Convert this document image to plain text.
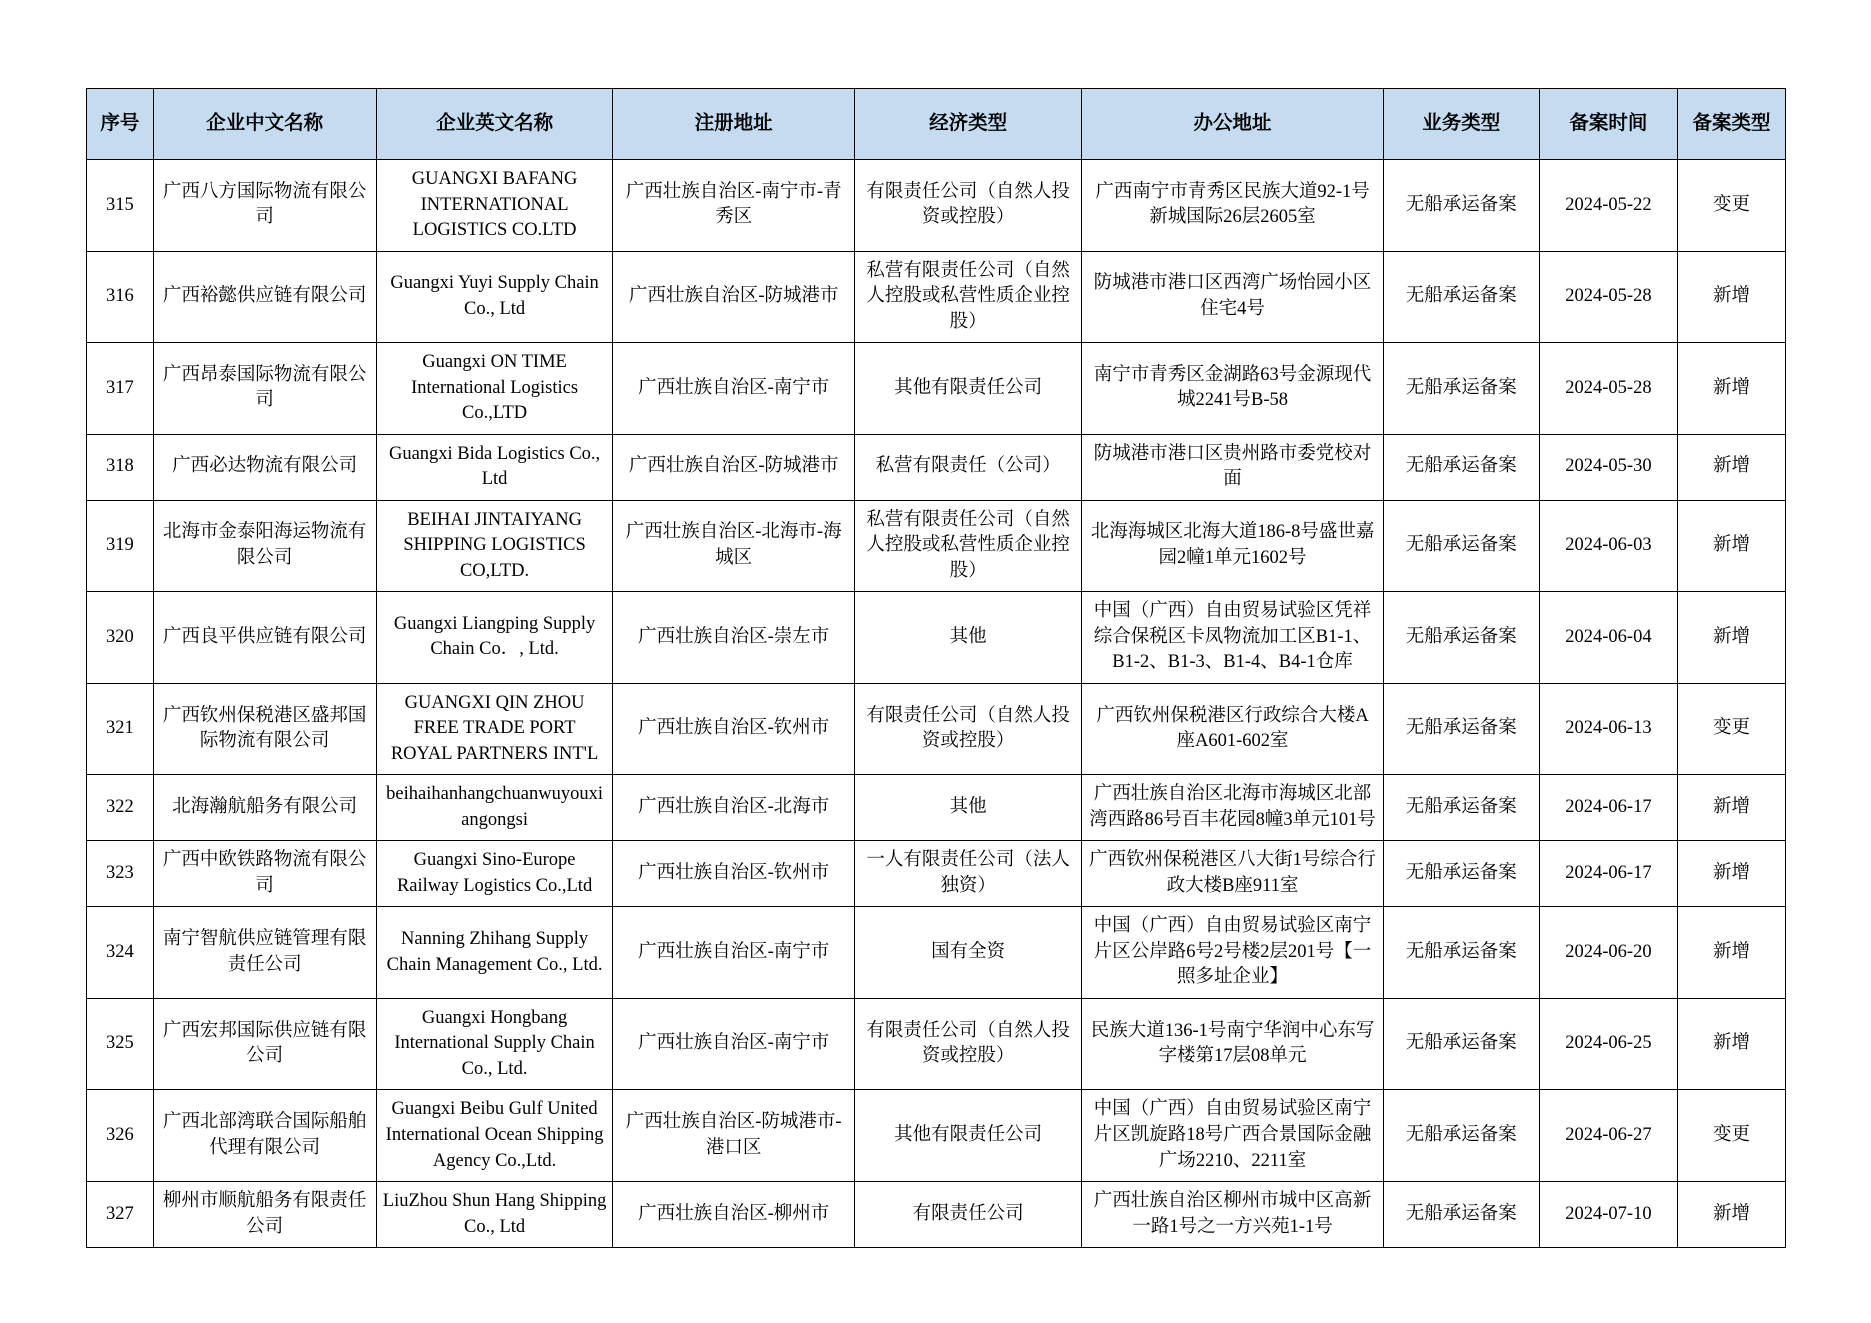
序号	企业中文名称	企业英文名称	注册地址	经济类型	办公地址	业务类型	备案时间	备案类型
315	广西八方国际物流有限公司	GUANGXI BAFANG INTERNATIONAL LOGISTICS CO.LTD	广西壮族自治区-南宁市-青秀区	有限责任公司（自然人投资或控股）	广西南宁市青秀区民族大道92-1号新城国际26层2605室	无船承运备案	2024-05-22	变更
316	广西裕懿供应链有限公司	Guangxi Yuyi Supply Chain Co., Ltd	广西壮族自治区-防城港市	私营有限责任公司（自然人控股或私营性质企业控股）	防城港市港口区西湾广场怡园小区住宅4号	无船承运备案	2024-05-28	新增
317	广西昂泰国际物流有限公司	Guangxi ON TIME International Logistics Co.,LTD	广西壮族自治区-南宁市	其他有限责任公司	南宁市青秀区金湖路63号金源现代城2241号B-58	无船承运备案	2024-05-28	新增
318	广西必达物流有限公司	Guangxi Bida Logistics Co., Ltd	广西壮族自治区-防城港市	私营有限责任（公司）	防城港市港口区贵州路市委党校对面	无船承运备案	2024-05-30	新增
319	北海市金泰阳海运物流有限公司	BEIHAI JINTAIYANG SHIPPING LOGISTICS CO,LTD.	广西壮族自治区-北海市-海城区	私营有限责任公司（自然人控股或私营性质企业控股）	北海海城区北海大道186-8号盛世嘉园2幢1单元1602号	无船承运备案	2024-06-03	新增
320	广西良平供应链有限公司	Guangxi Liangping Supply Chain Co．, Ltd.	广西壮族自治区-崇左市	其他	中国（广西）自由贸易试验区凭祥综合保税区卡凤物流加工区B1-1、B1-2、B1-3、B1-4、B4-1仓库	无船承运备案	2024-06-04	新增
321	广西钦州保税港区盛邦国际物流有限公司	GUANGXI QIN ZHOU FREE TRADE PORT ROYAL PARTNERS INT'L	广西壮族自治区-钦州市	有限责任公司（自然人投资或控股）	广西钦州保税港区行政综合大楼A座A601-602室	无船承运备案	2024-06-13	变更
322	北海瀚航船务有限公司	beihaihanhangchuanwuyouxiangongsi	广西壮族自治区-北海市	其他	广西壮族自治区北海市海城区北部湾西路86号百丰花园8幢3单元101号	无船承运备案	2024-06-17	新增
323	广西中欧铁路物流有限公司	Guangxi Sino-Europe Railway Logistics Co.,Ltd	广西壮族自治区-钦州市	一人有限责任公司（法人独资）	广西钦州保税港区八大街1号综合行政大楼B座911室	无船承运备案	2024-06-17	新增
324	南宁智航供应链管理有限责任公司	Nanning Zhihang Supply Chain Management Co., Ltd.	广西壮族自治区-南宁市	国有全资	中国（广西）自由贸易试验区南宁片区公岸路6号2号楼2层201号【一照多址企业】	无船承运备案	2024-06-20	新增
325	广西宏邦国际供应链有限公司	Guangxi Hongbang International Supply Chain Co., Ltd.	广西壮族自治区-南宁市	有限责任公司（自然人投资或控股）	民族大道136-1号南宁华润中心东写字楼第17层08单元	无船承运备案	2024-06-25	新增
326	广西北部湾联合国际船舶代理有限公司	Guangxi Beibu Gulf United International Ocean Shipping Agency Co.,Ltd.	广西壮族自治区-防城港市-港口区	其他有限责任公司	中国（广西）自由贸易试验区南宁片区凯旋路18号广西合景国际金融广场2210、2211室	无船承运备案	2024-06-27	变更
327	柳州市顺航船务有限责任公司	LiuZhou Shun Hang Shipping Co., Ltd	广西壮族自治区-柳州市	有限责任公司	广西壮族自治区柳州市城中区高新一路1号之一方兴苑1-1号	无船承运备案	2024-07-10	新增
